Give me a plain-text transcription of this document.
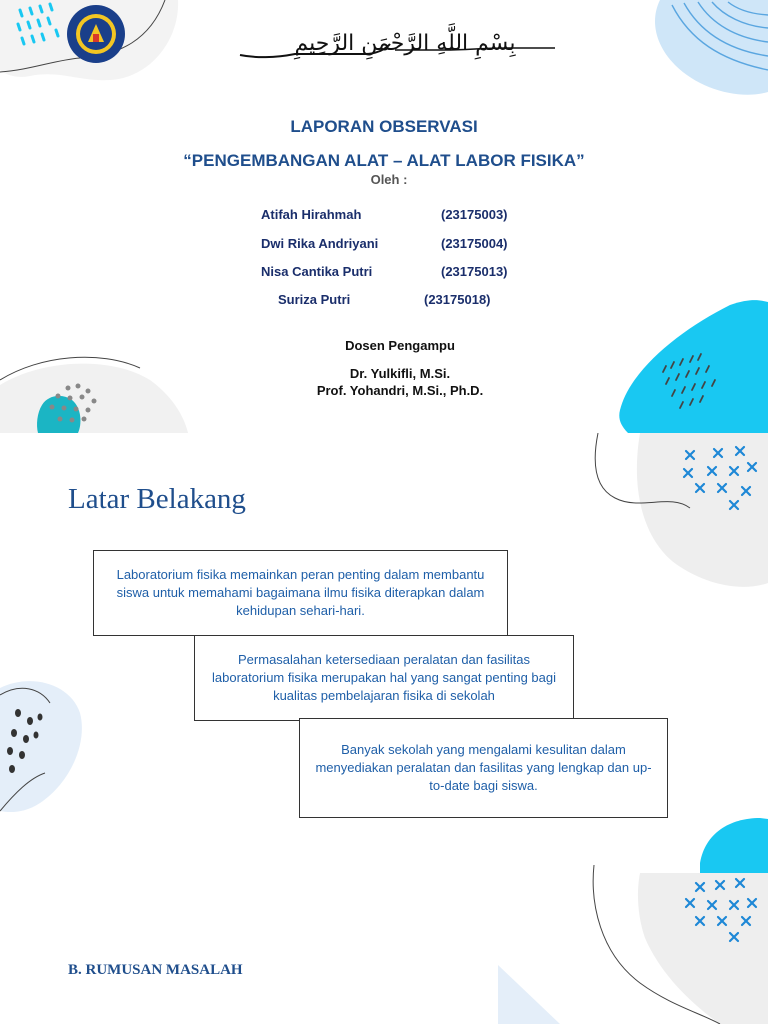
بِسْمِ اللَّهِ الرَّحْمَنِ الرَّحِيمِ
LAPORAN OBSERVASI
“PENGEMBANGAN ALAT – ALAT LABOR FISIKA”
Oleh :
Atifah Hirahmah	(23175003)
Dwi Rika Andriyani	(23175004)
Nisa Cantika Putri	(23175013)
Suriza Putri	(23175018)
Dosen Pengampu
Dr. Yulkifli, M.Si.
Prof. Yohandri, M.Si., Ph.D.
Latar Belakang
Laboratorium fisika memainkan peran penting dalam membantu siswa untuk memahami bagaimana ilmu fisika diterapkan dalam kehidupan sehari-hari.
Permasalahan ketersediaan peralatan dan fasilitas laboratorium fisika merupakan hal yang sangat penting bagi kualitas pembelajaran fisika di sekolah
Banyak sekolah yang mengalami kesulitan dalam menyediakan peralatan dan fasilitas yang lengkap dan up-to-date bagi siswa.
B. RUMUSAN MASALAH
